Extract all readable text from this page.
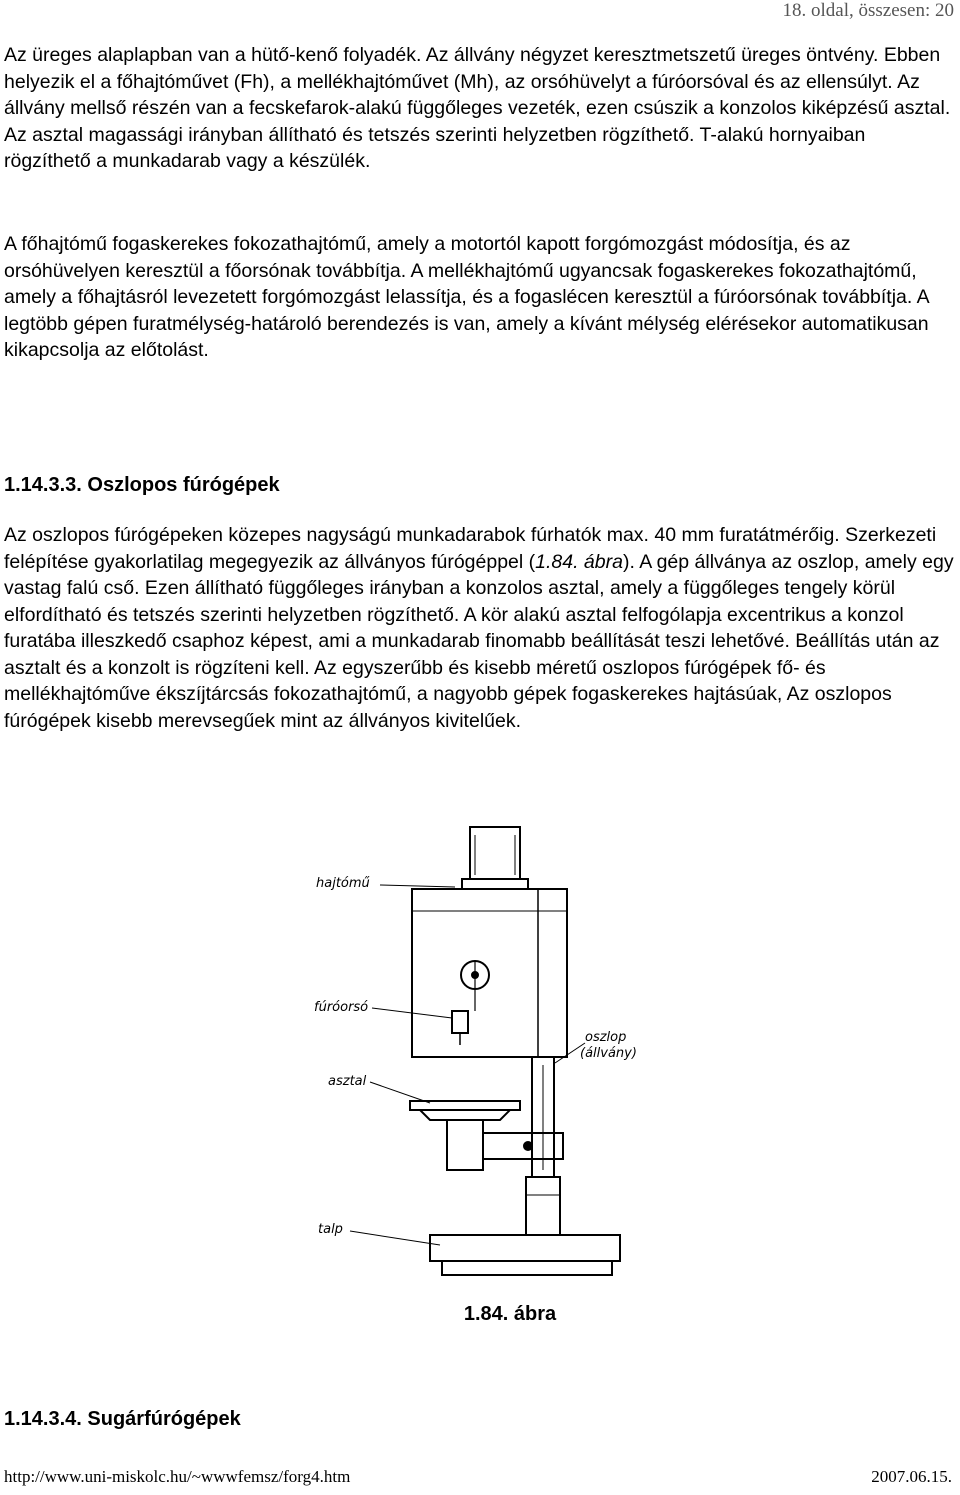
18. oldal, összesen: 20

Az üreges alaplapban van a hütő-kenő folyadék. Az állvány négyzet keresztmetszetű üreges öntvény. Ebben helyezik el a főhajtóművet (Fh), a mellékhajtóművet (Mh), az orsóhüvelyt a fúróorsóval és az ellensúlyt. Az állvány mellső részén van a fecskefarok-alakú függőleges vezeték, ezen csúszik a konzolos kiképzésű asztal. Az asztal magassági irányban állítható és tetszés szerinti helyzetben rögzíthető. T-alakú hornyaiban rögzíthető a munkadarab vagy a készülék.

A főhajtómű fogaskerekes fokozathajtómű, amely a motortól kapott forgómozgást módosítja, és az orsóhüvelyen keresztül a főorsónak továbbítja. A mellékhajtómű ugyancsak fogaskerekes fokozathajtómű, amely a főhajtásról levezetett forgómozgást lelassítja, és a fogaslécen keresztül a fúróorsónak továbbítja. A legtöbb gépen furatmélység-határoló berendezés is van, amely a kívánt mélység elérésekor automatikusan kikapcsolja az előtolást.

1.14.3.3. Oszlopos fúrógépek

Az oszlopos fúrógépeken közepes nagyságú munkadarabok fúrhatók max. 40 mm furatátmérőig. Szerkezeti felépítése gyakorlatilag megegyezik az állványos fúrógéppel (1.84. ábra). A gép állványa az oszlop, amely egy vastag falú cső. Ezen állítható függőleges irányban a konzolos asztal, amely a függőleges tengely körül elfordítható és tetszés szerinti helyzetben rögzíthető. A kör alakú asztal felfogólapja excentrikus a konzol furatába illeszkedő csaphoz képest, ami a munkadarab finomabb beállítását teszi lehetővé. Beállítás után az asztalt és a konzolt is rögzíteni kell. Az egyszerűbb és kisebb méretű oszlopos fúrógépek fő- és mellékhajtóműve ékszíjtárcsás fokozathajtómű, a nagyobb gépek fogaskerekes hajtásúak, Az oszlopos fúrógépek kisebb merevsegűek mint az állványos kivitelűek.

hajtómű
fúróorsó
oszlop
(állvány)
asztal
talp

1.84. ábra

1.14.3.4. Sugárfúrógépek
http://www.uni-miskolc.hu/~wwwfemsz/forg4.htm	2007.06.15.
